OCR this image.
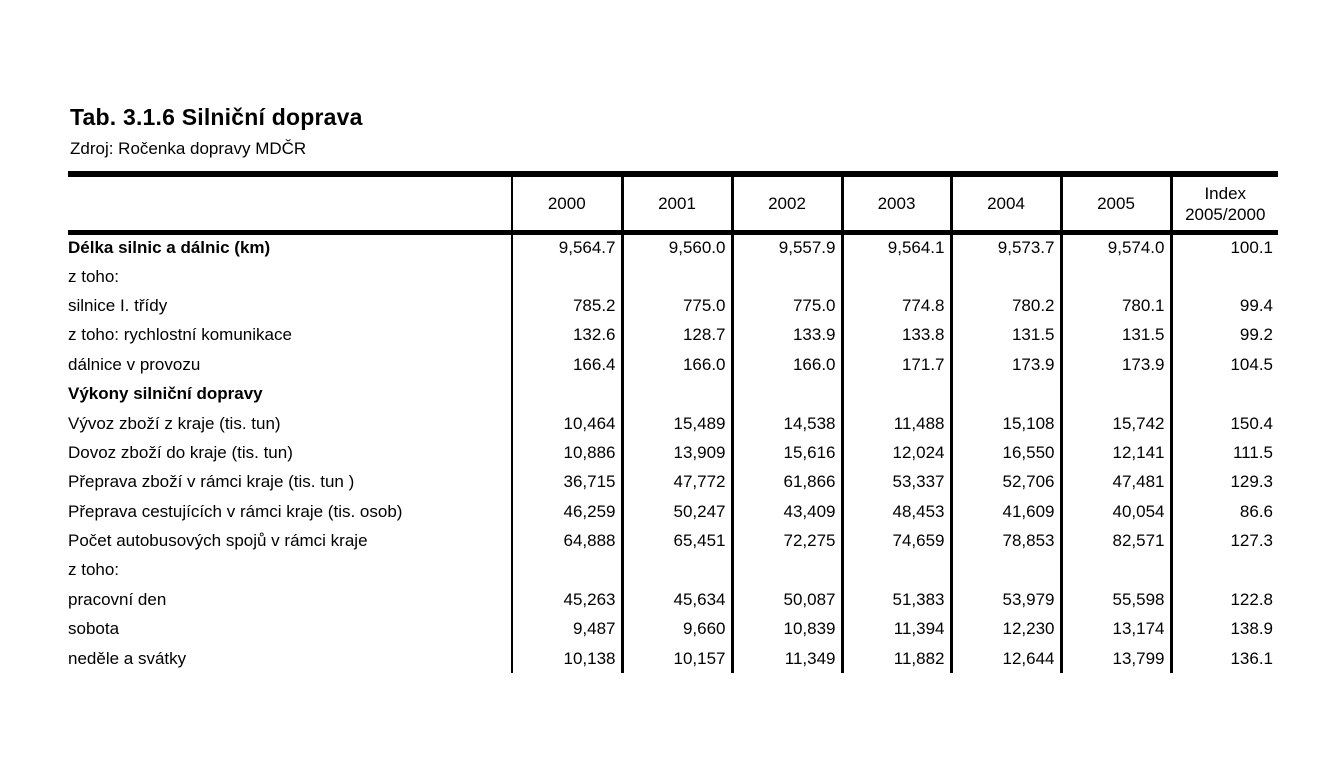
Tab. 3.1.6 Silniční doprava
Zdroj: Ročenka dopravy MDČR
	2000	2001	2002	2003	2004	2005	Index
2005/2000

Délka silnic a dálnic (km)	9,564.7	9,560.0	9,557.9	9,564.1	9,573.7	9,574.0	100.1
z toho:							
silnice I. třídy	785.2	775.0	775.0	774.8	780.2	780.1	99.4
z toho: rychlostní komunikace	132.6	128.7	133.9	133.8	131.5	131.5	99.2
dálnice v provozu	166.4	166.0	166.0	171.7	173.9	173.9	104.5
Výkony silniční dopravy							
Vývoz zboží z kraje (tis. tun)	10,464	15,489	14,538	11,488	15,108	15,742	150.4
Dovoz zboží do kraje (tis. tun)	10,886	13,909	15,616	12,024	16,550	12,141	111.5
Přeprava zboží v rámci kraje (tis. tun )	36,715	47,772	61,866	53,337	52,706	47,481	129.3
Přeprava cestujících v rámci kraje (tis. osob)	46,259	50,247	43,409	48,453	41,609	40,054	86.6
Počet autobusových spojů v rámci kraje	64,888	65,451	72,275	74,659	78,853	82,571	127.3
z toho:							
pracovní den	45,263	45,634	50,087	51,383	53,979	55,598	122.8
sobota	9,487	9,660	10,839	11,394	12,230	13,174	138.9
neděle a svátky	10,138	10,157	11,349	11,882	12,644	13,799	136.1
